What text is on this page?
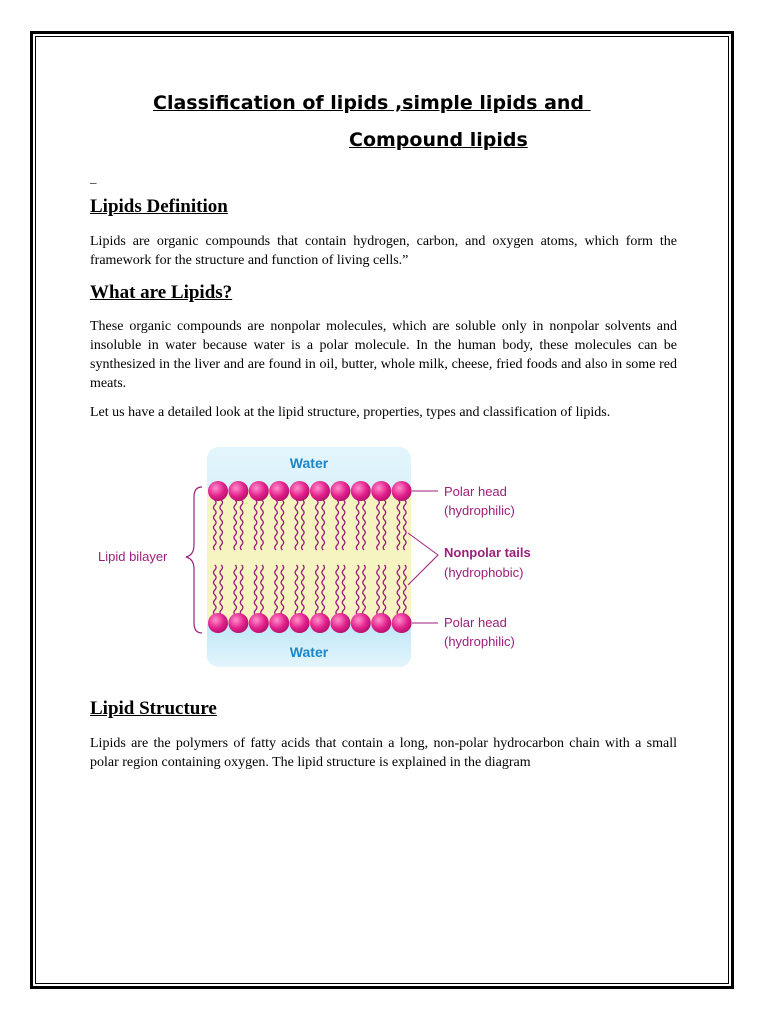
Classification of lipids ,simple lipids and
Compound lipids
_
Lipids Definition

Lipids are organic compounds that contain hydrogen, carbon, and oxygen atoms, which form the framework for the structure and function of living cells.”

What are Lipids?

These organic compounds are nonpolar molecules, which are soluble only in nonpolar solvents and insoluble in water because water is a polar molecule. In the human body, these molecules can be synthesized in the liver and are found in oil, butter, whole milk, cheese, fried foods and also in some red meats.

Let us have a detailed look at the lipid structure, properties, types and classification of lipids.

Water
Water
Lipid bilayer
Polar head
(hydrophilic)
Nonpolar tails
(hydrophobic)
Polar head
(hydrophilic)
Lipid Structure

Lipids are the polymers of fatty acids that contain a long, non-polar hydrocarbon chain with a small polar region containing oxygen. The lipid structure is explained in the diagram
